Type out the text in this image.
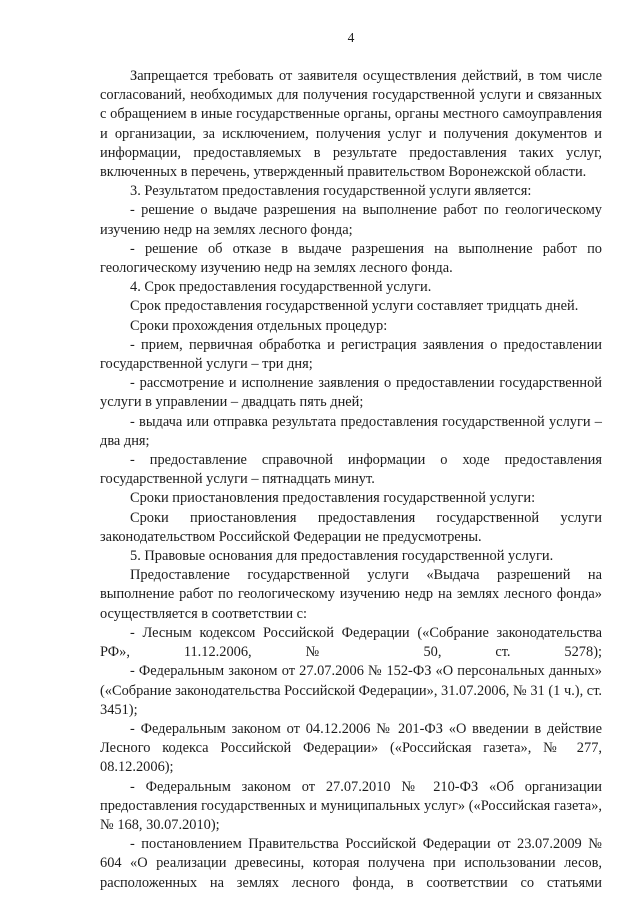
4

Запрещается требовать от заявителя осуществления действий, в том числе согласований, необходимых для получения государственной услуги и связанных с обращением в иные государственные органы, органы местного самоуправления и организации, за исключением, получения услуг и получения документов и информации, предоставляемых в результате предоставления таких услуг, включенных в перечень, утвержденный правительством Воронежской области.

3. Результатом предоставления государственной услуги является:

- решение о выдаче разрешения на выполнение работ по геологическому изучению недр на землях лесного фонда;

- решение об отказе в выдаче разрешения на выполнение работ по геологическому изучению недр на землях лесного фонда.

4. Срок предоставления государственной услуги.

Срок предоставления государственной услуги составляет тридцать дней.

Сроки прохождения отдельных процедур:

- прием, первичная обработка и регистрация заявления о предоставлении государственной услуги – три дня;

- рассмотрение и исполнение заявления о предоставлении государственной услуги в управлении – двадцать пять дней;

- выдача или отправка результата предоставления государственной услуги – два дня;

- предоставление справочной информации о ходе предоставления государственной услуги – пятнадцать минут.

Сроки приостановления предоставления государственной услуги:

Сроки приостановления предоставления государственной услуги законодательством Российской Федерации не предусмотрены.

5. Правовые основания для предоставления государственной услуги.

Предоставление государственной услуги «Выдача разрешений на выполнение работ по геологическому изучению недр на землях лесного фонда» осуществляется в соответствии с:

- Лесным кодексом Российской Федерации («Собрание законодательства РФ», 11.12.2006, № 50, ст. 5278);

- Федеральным законом от 27.07.2006 № 152-ФЗ «О персональных данных» («Собрание законодательства Российской Федерации», 31.07.2006, № 31 (1 ч.), ст. 3451);

- Федеральным законом от 04.12.2006 № 201-ФЗ «О введении в действие Лесного кодекса Российской Федерации» («Российская газета», № 277, 08.12.2006);

- Федеральным законом от 27.07.2010 № 210-ФЗ «Об организации предоставления государственных и муниципальных услуг» («Российская газета», № 168, 30.07.2010);

- постановлением Правительства Российской Федерации от 23.07.2009 № 604 «О реализации древесины, которая получена при использовании лесов, расположенных на землях лесного фонда, в соответствии со статьями
